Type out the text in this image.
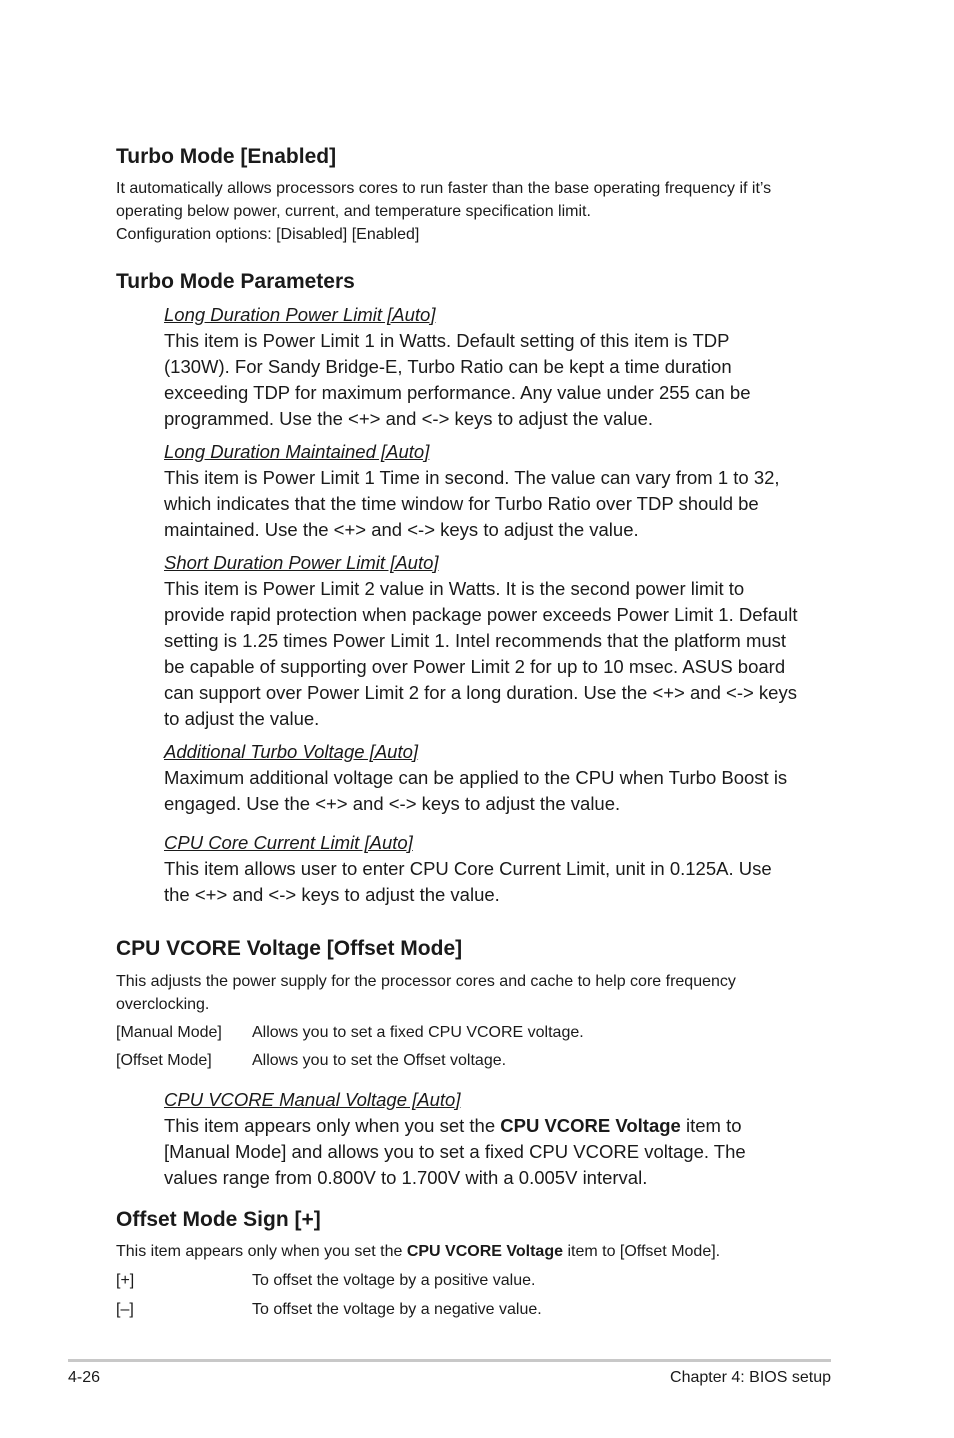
Turbo Mode [Enabled]

It automatically allows processors cores to run faster than the base operating frequency if it’s

operating below power, current, and temperature specification limit.

Configuration options: [Disabled] [Enabled]

Turbo Mode Parameters

Long Duration Power Limit [Auto]

This item is Power Limit 1 in Watts. Default setting of this item is TDP

(130W). For Sandy Bridge-E, Turbo Ratio can be kept a time duration

exceeding TDP for maximum performance. Any value under 255 can be

programmed. Use the <+> and <-> keys to adjust the value.

Long Duration Maintained [Auto]

This item is Power Limit 1 Time in second. The value can vary from 1 to 32,

which indicates that the time window for Turbo Ratio over TDP should be

maintained. Use the <+> and <-> keys to adjust the value.

Short Duration Power Limit [Auto]

This item is Power Limit 2 value in Watts. It is the second power limit to

provide rapid protection when package power exceeds Power Limit 1. Default

setting is 1.25 times Power Limit 1. Intel recommends that the platform must

be capable of supporting over Power Limit 2 for up to 10 msec. ASUS board

can support over Power Limit 2 for a long duration. Use the <+> and <-> keys

to adjust the value.

Additional Turbo Voltage [Auto]

Maximum additional voltage can be applied to the CPU when Turbo Boost is

engaged. Use the <+> and <-> keys to adjust the value.

CPU Core Current Limit [Auto]

This item allows user to enter CPU Core Current Limit, unit in 0.125A. Use

the <+> and <-> keys to adjust the value.

CPU VCORE Voltage [Offset Mode]

This adjusts the power supply for the processor cores and cache to help core frequency

overclocking.

[Manual Mode] Allows you to set a fixed CPU VCORE voltage.
[Offset Mode]	Allows you to set the Offset voltage.

CPU VCORE Manual Voltage [Auto]

This item appears only when you set the CPU VCORE Voltage item to

[Manual Mode] and allows you to set a fixed CPU VCORE voltage. The

values range from 0.800V to 1.700V with a 0.005V interval.

Offset Mode Sign [+]

This item appears only when you set the CPU VCORE Voltage item to [Offset Mode].

[+]	To offset the voltage by a positive value.
[–]	To offset the voltage by a negative value.
4-26	Chapter 4: BIOS setup
